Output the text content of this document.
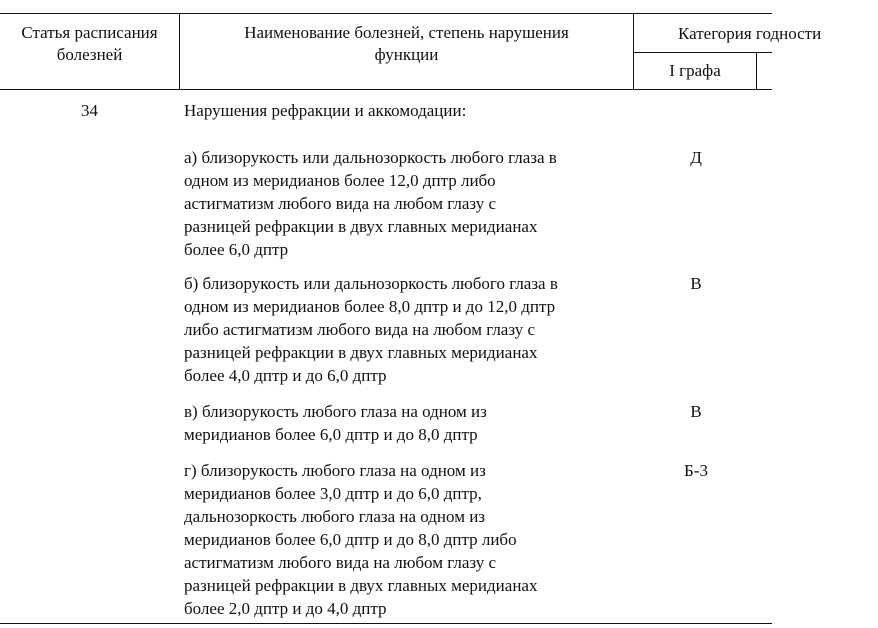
Статья расписания
болезней
Наименование болезней, степень нарушения
функции
Категория годности
I графа
34	Нарушения рефракции и аккомодации:
а) близорукость или дальнозоркость любого глаза в
одном из меридианов более 12,0 дптр либо
астигматизм любого вида на любом глазу с
разницей рефракции в двух главных меридианах
более 6,0 дптр
Д
б) близорукость или дальнозоркость любого глаза в
одном из меридианов более 8,0 дптр и до 12,0 дптр
либо астигматизм любого вида на любом глазу с
разницей рефракции в двух главных меридианах
более 4,0 дптр и до 6,0 дптр
В
в) близорукость любого глаза на одном из
меридианов более 6,0 дптр и до 8,0 дптр
В
г) близорукость любого глаза на одном из
меридианов более 3,0 дптр и до 6,0 дптр,
дальнозоркость любого глаза на одном из
меридианов более 6,0 дптр и до 8,0 дптр либо
астигматизм любого вида на любом глазу с
разницей рефракции в двух главных меридианах
более 2,0 дптр и до 4,0 дптр
Б-3
